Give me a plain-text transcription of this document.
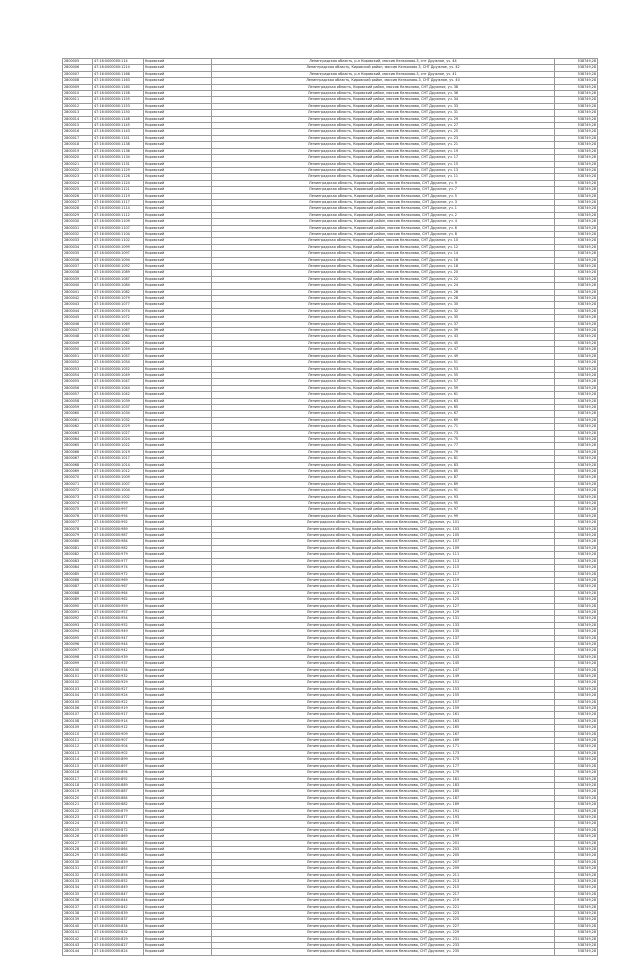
2800005	47:16:0000000:114	Кировский	Ленинградская область, р-н Кировский, массив Келколово-3, снт Дружное, уч. 44	538749,28
2800006	47:16:0000000:1214	Кировский	Ленинградская область, Кировский район, массив Келколово 3, СНТ Дружное, уч. 42	538749,28
2800007	47:16:0000000:1166	Кировский	Ленинградская область, р-н Кировский, массив Келколово-3, снт Дружное, уч. 41	538749,28
2800008	47:16:0000000:1163	Кировский	Ленинградская область, Кировский район, массив Келколово-3, СНТ Дружное, уч. 40	538749,28
2800009	47:16:0000000:1160	Кировский	Ленинградская область, Кировский район, массив Келколово, СНТ Дружное, уч. 38	538749,28
2800010	47:16:0000000:1158	Кировский	Ленинградская область, Кировский район, массив Келколово, СНТ Дружное, уч. 36	538749,28
2800011	47:16:0000000:1155	Кировский	Ленинградская область, Кировский район, массив Келколово, СНТ Дружное, уч. 34	538749,28
2800012	47:16:0000000:1153	Кировский	Ленинградская область, Кировский район, массив Келколово, СНТ Дружное, уч. 33	538749,28
2800013	47:16:0000000:1150	Кировский	Ленинградская область, Кировский район, массив Келколово, СНТ Дружное, уч. 31	538749,28
2800014	47:16:0000000:1148	Кировский	Ленинградская область, Кировский район, массив Келколово, СНТ Дружное, уч. 29	538749,28
2800015	47:16:0000000:1145	Кировский	Ленинградская область, Кировский район, массив Келколово, СНТ Дружное, уч. 27	538749,28
2800016	47:16:0000000:1143	Кировский	Ленинградская область, Кировский район, массив Келколово, СНТ Дружное, уч. 25	538749,28
2800017	47:16:0000000:1141	Кировский	Ленинградская область, Кировский район, массив Келколово, СНТ Дружное, уч. 23	538749,28
2800018	47:16:0000000:1138	Кировский	Ленинградская область, Кировский район, массив Келколово, СНТ Дружное, уч. 21	538749,28
2800019	47:16:0000000:1136	Кировский	Ленинградская область, Кировский район, массив Келколово, СНТ Дружное, уч. 19	538749,28
2800020	47:16:0000000:1134	Кировский	Ленинградская область, Кировский район, массив Келколово, СНТ Дружное, уч. 17	538749,28
2800021	47:16:0000000:1131	Кировский	Ленинградская область, Кировский район, массив Келколово, СНТ Дружное, уч. 15	538749,28
2800022	47:16:0000000:1129	Кировский	Ленинградская область, Кировский район, массив Келколово, СНТ Дружное, уч. 13	538749,28
2800023	47:16:0000000:1126	Кировский	Ленинградская область, Кировский район, массив Келколово, СНТ Дружное, уч. 11	538749,28
2800024	47:16:0000000:1124	Кировский	Ленинградская область, Кировский район, массив Келколово, СНТ Дружное, уч. 9	538749,28
2800025	47:16:0000000:1121	Кировский	Ленинградская область, Кировский район, массив Келколово, СНТ Дружное, уч. 7	538749,28
2800026	47:16:0000000:1119	Кировский	Ленинградская область, Кировский район, массив Келколово, СНТ Дружное, уч. 5	538749,28
2800027	47:16:0000000:1117	Кировский	Ленинградская область, Кировский район, массив Келколово, СНТ Дружное, уч. 3	538749,28
2800028	47:16:0000000:1114	Кировский	Ленинградская область, Кировский район, массив Келколово, СНТ Дружное, уч. 1	538749,28
2800029	47:16:0000000:1112	Кировский	Ленинградская область, Кировский район, массив Келколово, СНТ Дружное, уч. 2	538749,28
2800030	47:16:0000000:1109	Кировский	Ленинградская область, Кировский район, массив Келколово, СНТ Дружное, уч. 4	538749,28
2800031	47:16:0000000:1107	Кировский	Ленинградская область, Кировский район, массив Келколово, СНТ Дружное, уч. 6	538749,28
2800032	47:16:0000000:1104	Кировский	Ленинградская область, Кировский район, массив Келколово, СНТ Дружное, уч. 8	538749,28
2800033	47:16:0000000:1102	Кировский	Ленинградская область, Кировский район, массив Келколово, СНТ Дружное, уч. 10	538749,28
2800034	47:16:0000000:1099	Кировский	Ленинградская область, Кировский район, массив Келколово, СНТ Дружное, уч. 12	538749,28
2800035	47:16:0000000:1097	Кировский	Ленинградская область, Кировский район, массив Келколово, СНТ Дружное, уч. 14	538749,28
2800036	47:16:0000000:1094	Кировский	Ленинградская область, Кировский район, массив Келколово, СНТ Дружное, уч. 16	538749,28
2800037	47:16:0000000:1092	Кировский	Ленинградская область, Кировский район, массив Келколово, СНТ Дружное, уч. 18	538749,28
2800038	47:16:0000000:1089	Кировский	Ленинградская область, Кировский район, массив Келколово, СНТ Дружное, уч. 20	538749,28
2800039	47:16:0000000:1087	Кировский	Ленинградская область, Кировский район, массив Келколово, СНТ Дружное, уч. 22	538749,28
2800040	47:16:0000000:1084	Кировский	Ленинградская область, Кировский район, массив Келколово, СНТ Дружное, уч. 24	538749,28
2800041	47:16:0000000:1082	Кировский	Ленинградская область, Кировский район, массив Келколово, СНТ Дружное, уч. 26	538749,28
2800042	47:16:0000000:1079	Кировский	Ленинградская область, Кировский район, массив Келколово, СНТ Дружное, уч. 28	538749,28
2800043	47:16:0000000:1077	Кировский	Ленинградская область, Кировский район, массив Келколово, СНТ Дружное, уч. 30	538749,28
2800044	47:16:0000000:1074	Кировский	Ленинградская область, Кировский район, массив Келколово, СНТ Дружное, уч. 32	538749,28
2800045	47:16:0000000:1072	Кировский	Ленинградская область, Кировский район, массив Келколово, СНТ Дружное, уч. 35	538749,28
2800046	47:16:0000000:1069	Кировский	Ленинградская область, Кировский район, массив Келколово, СНТ Дружное, уч. 37	538749,28
2800047	47:16:0000000:1067	Кировский	Ленинградская область, Кировский район, массив Келколово, СНТ Дружное, уч. 39	538749,28
2800048	47:16:0000000:1064	Кировский	Ленинградская область, Кировский район, массив Келколово, СНТ Дружное, уч. 43	538749,28
2800049	47:16:0000000:1062	Кировский	Ленинградская область, Кировский район, массив Келколово, СНТ Дружное, уч. 45	538749,28
2800050	47:16:0000000:1059	Кировский	Ленинградская область, Кировский район, массив Келколово, СНТ Дружное, уч. 47	538749,28
2800051	47:16:0000000:1057	Кировский	Ленинградская область, Кировский район, массив Келколово, СНТ Дружное, уч. 49	538749,28
2800052	47:16:0000000:1054	Кировский	Ленинградская область, Кировский район, массив Келколово, СНТ Дружное, уч. 51	538749,28
2800053	47:16:0000000:1052	Кировский	Ленинградская область, Кировский район, массив Келколово, СНТ Дружное, уч. 53	538749,28
2800054	47:16:0000000:1049	Кировский	Ленинградская область, Кировский район, массив Келколово, СНТ Дружное, уч. 55	538749,28
2800055	47:16:0000000:1047	Кировский	Ленинградская область, Кировский район, массив Келколово, СНТ Дружное, уч. 57	538749,28
2800056	47:16:0000000:1044	Кировский	Ленинградская область, Кировский район, массив Келколово, СНТ Дружное, уч. 59	538749,28
2800057	47:16:0000000:1042	Кировский	Ленинградская область, Кировский район, массив Келколово, СНТ Дружное, уч. 61	538749,28
2800058	47:16:0000000:1039	Кировский	Ленинградская область, Кировский район, массив Келколово, СНТ Дружное, уч. 63	538749,28
2800059	47:16:0000000:1037	Кировский	Ленинградская область, Кировский район, массив Келколово, СНТ Дружное, уч. 65	538749,28
2800060	47:16:0000000:1034	Кировский	Ленинградская область, Кировский район, массив Келколово, СНТ Дружное, уч. 67	538749,28
2800061	47:16:0000000:1032	Кировский	Ленинградская область, Кировский район, массив Келколово, СНТ Дружное, уч. 69	538749,28
2800062	47:16:0000000:1029	Кировский	Ленинградская область, Кировский район, массив Келколово, СНТ Дружное, уч. 71	538749,28
2800063	47:16:0000000:1027	Кировский	Ленинградская область, Кировский район, массив Келколово, СНТ Дружное, уч. 73	538749,28
2800064	47:16:0000000:1024	Кировский	Ленинградская область, Кировский район, массив Келколово, СНТ Дружное, уч. 75	538749,28
2800065	47:16:0000000:1022	Кировский	Ленинградская область, Кировский район, массив Келколово, СНТ Дружное, уч. 77	538749,28
2800066	47:16:0000000:1019	Кировский	Ленинградская область, Кировский район, массив Келколово, СНТ Дружное, уч. 79	538749,28
2800067	47:16:0000000:1017	Кировский	Ленинградская область, Кировский район, массив Келколово, СНТ Дружное, уч. 81	538749,28
2800068	47:16:0000000:1014	Кировский	Ленинградская область, Кировский район, массив Келколово, СНТ Дружное, уч. 83	538749,28
2800069	47:16:0000000:1012	Кировский	Ленинградская область, Кировский район, массив Келколово, СНТ Дружное, уч. 85	538749,28
2800070	47:16:0000000:1009	Кировский	Ленинградская область, Кировский район, массив Келколово, СНТ Дружное, уч. 87	538749,28
2800071	47:16:0000000:1007	Кировский	Ленинградская область, Кировский район, массив Келколово, СНТ Дружное, уч. 89	538749,28
2800072	47:16:0000000:1004	Кировский	Ленинградская область, Кировский район, массив Келколово, СНТ Дружное, уч. 91	538749,28
2800073	47:16:0000000:1002	Кировский	Ленинградская область, Кировский район, массив Келколово, СНТ Дружное, уч. 93	538749,28
2800074	47:16:0000000:999	Кировский	Ленинградская область, Кировский район, массив Келколово, СНТ Дружное, уч. 95	538749,28
2800075	47:16:0000000:997	Кировский	Ленинградская область, Кировский район, массив Келколово, СНТ Дружное, уч. 97	538749,28
2800076	47:16:0000000:994	Кировский	Ленинградская область, Кировский район, массив Келколово, СНТ Дружное, уч. 99	538749,28
2800077	47:16:0000000:992	Кировский	Ленинградская область, Кировский район, массив Келколово, СНТ Дружное, уч. 101	538749,28
2800078	47:16:0000000:989	Кировский	Ленинградская область, Кировский район, массив Келколово, СНТ Дружное, уч. 103	538749,28
2800079	47:16:0000000:987	Кировский	Ленинградская область, Кировский район, массив Келколово, СНТ Дружное, уч. 105	538749,28
2800080	47:16:0000000:984	Кировский	Ленинградская область, Кировский район, массив Келколово, СНТ Дружное, уч. 107	538749,28
2800081	47:16:0000000:982	Кировский	Ленинградская область, Кировский район, массив Келколово, СНТ Дружное, уч. 109	538749,28
2800082	47:16:0000000:979	Кировский	Ленинградская область, Кировский район, массив Келколово, СНТ Дружное, уч. 111	538749,28
2800083	47:16:0000000:977	Кировский	Ленинградская область, Кировский район, массив Келколово, СНТ Дружное, уч. 113	538749,28
2800084	47:16:0000000:974	Кировский	Ленинградская область, Кировский район, массив Келколово, СНТ Дружное, уч. 115	538749,28
2800085	47:16:0000000:972	Кировский	Ленинградская область, Кировский район, массив Келколово, СНТ Дружное, уч. 117	538749,28
2800086	47:16:0000000:969	Кировский	Ленинградская область, Кировский район, массив Келколово, СНТ Дружное, уч. 119	538749,28
2800087	47:16:0000000:967	Кировский	Ленинградская область, Кировский район, массив Келколово, СНТ Дружное, уч. 121	538749,28
2800088	47:16:0000000:964	Кировский	Ленинградская область, Кировский район, массив Келколово, СНТ Дружное, уч. 123	538749,28
2800089	47:16:0000000:962	Кировский	Ленинградская область, Кировский район, массив Келколово, СНТ Дружное, уч. 125	538749,28
2800090	47:16:0000000:959	Кировский	Ленинградская область, Кировский район, массив Келколово, СНТ Дружное, уч. 127	538749,28
2800091	47:16:0000000:957	Кировский	Ленинградская область, Кировский район, массив Келколово, СНТ Дружное, уч. 129	538749,28
2800092	47:16:0000000:954	Кировский	Ленинградская область, Кировский район, массив Келколово, СНТ Дружное, уч. 131	538749,28
2800093	47:16:0000000:952	Кировский	Ленинградская область, Кировский район, массив Келколово, СНТ Дружное, уч. 133	538749,28
2800094	47:16:0000000:949	Кировский	Ленинградская область, Кировский район, массив Келколово, СНТ Дружное, уч. 135	538749,28
2800095	47:16:0000000:947	Кировский	Ленинградская область, Кировский район, массив Келколово, СНТ Дружное, уч. 137	538749,28
2800096	47:16:0000000:944	Кировский	Ленинградская область, Кировский район, массив Келколово, СНТ Дружное, уч. 139	538749,28
2800097	47:16:0000000:942	Кировский	Ленинградская область, Кировский район, массив Келколово, СНТ Дружное, уч. 141	538749,28
2800098	47:16:0000000:939	Кировский	Ленинградская область, Кировский район, массив Келколово, СНТ Дружное, уч. 143	538749,28
2800099	47:16:0000000:937	Кировский	Ленинградская область, Кировский район, массив Келколово, СНТ Дружное, уч. 145	538749,28
2800100	47:16:0000000:934	Кировский	Ленинградская область, Кировский район, массив Келколово, СНТ Дружное, уч. 147	538749,28
2800101	47:16:0000000:932	Кировский	Ленинградская область, Кировский район, массив Келколово, СНТ Дружное, уч. 149	538749,28
2800102	47:16:0000000:929	Кировский	Ленинградская область, Кировский район, массив Келколово, СНТ Дружное, уч. 151	538749,28
2800103	47:16:0000000:927	Кировский	Ленинградская область, Кировский район, массив Келколово, СНТ Дружное, уч. 153	538749,28
2800104	47:16:0000000:924	Кировский	Ленинградская область, Кировский район, массив Келколово, СНТ Дружное, уч. 155	538749,28
2800105	47:16:0000000:922	Кировский	Ленинградская область, Кировский район, массив Келколово, СНТ Дружное, уч. 157	538749,28
2800106	47:16:0000000:919	Кировский	Ленинградская область, Кировский район, массив Келколово, СНТ Дружное, уч. 159	538749,28
2800107	47:16:0000000:917	Кировский	Ленинградская область, Кировский район, массив Келколово, СНТ Дружное, уч. 161	538749,28
2800108	47:16:0000000:914	Кировский	Ленинградская область, Кировский район, массив Келколово, СНТ Дружное, уч. 163	538749,28
2800109	47:16:0000000:912	Кировский	Ленинградская область, Кировский район, массив Келколово, СНТ Дружное, уч. 165	538749,28
2800110	47:16:0000000:909	Кировский	Ленинградская область, Кировский район, массив Келколово, СНТ Дружное, уч. 167	538749,28
2800111	47:16:0000000:907	Кировский	Ленинградская область, Кировский район, массив Келколово, СНТ Дружное, уч. 169	538749,28
2800112	47:16:0000000:904	Кировский	Ленинградская область, Кировский район, массив Келколово, СНТ Дружное, уч. 171	538749,28
2800113	47:16:0000000:902	Кировский	Ленинградская область, Кировский район, массив Келколово, СНТ Дружное, уч. 173	538749,28
2800114	47:16:0000000:899	Кировский	Ленинградская область, Кировский район, массив Келколово, СНТ Дружное, уч. 175	538749,28
2800115	47:16:0000000:897	Кировский	Ленинградская область, Кировский район, массив Келколово, СНТ Дружное, уч. 177	538749,28
2800116	47:16:0000000:894	Кировский	Ленинградская область, Кировский район, массив Келколово, СНТ Дружное, уч. 179	538749,28
2800117	47:16:0000000:892	Кировский	Ленинградская область, Кировский район, массив Келколово, СНТ Дружное, уч. 181	538749,28
2800118	47:16:0000000:889	Кировский	Ленинградская область, Кировский район, массив Келколово, СНТ Дружное, уч. 183	538749,28
2800119	47:16:0000000:887	Кировский	Ленинградская область, Кировский район, массив Келколово, СНТ Дружное, уч. 185	538749,28
2800120	47:16:0000000:884	Кировский	Ленинградская область, Кировский район, массив Келколово, СНТ Дружное, уч. 187	538749,28
2800121	47:16:0000000:882	Кировский	Ленинградская область, Кировский район, массив Келколово, СНТ Дружное, уч. 189	538749,28
2800122	47:16:0000000:879	Кировский	Ленинградская область, Кировский район, массив Келколово, СНТ Дружное, уч. 191	538749,28
2800123	47:16:0000000:877	Кировский	Ленинградская область, Кировский район, массив Келколово, СНТ Дружное, уч. 193	538749,28
2800124	47:16:0000000:874	Кировский	Ленинградская область, Кировский район, массив Келколово, СНТ Дружное, уч. 195	538749,28
2800125	47:16:0000000:872	Кировский	Ленинградская область, Кировский район, массив Келколово, СНТ Дружное, уч. 197	538749,28
2800126	47:16:0000000:869	Кировский	Ленинградская область, Кировский район, массив Келколово, СНТ Дружное, уч. 199	538749,28
2800127	47:16:0000000:867	Кировский	Ленинградская область, Кировский район, массив Келколово, СНТ Дружное, уч. 201	538749,28
2800128	47:16:0000000:864	Кировский	Ленинградская область, Кировский район, массив Келколово, СНТ Дружное, уч. 203	538749,28
2800129	47:16:0000000:862	Кировский	Ленинградская область, Кировский район, массив Келколово, СНТ Дружное, уч. 205	538749,28
2800130	47:16:0000000:859	Кировский	Ленинградская область, Кировский район, массив Келколово, СНТ Дружное, уч. 207	538749,28
2800131	47:16:0000000:857	Кировский	Ленинградская область, Кировский район, массив Келколово, СНТ Дружное, уч. 209	538749,28
2800132	47:16:0000000:854	Кировский	Ленинградская область, Кировский район, массив Келколово, СНТ Дружное, уч. 211	538749,28
2800133	47:16:0000000:852	Кировский	Ленинградская область, Кировский район, массив Келколово, СНТ Дружное, уч. 213	538749,28
2800134	47:16:0000000:849	Кировский	Ленинградская область, Кировский район, массив Келколово, СНТ Дружное, уч. 215	538749,28
2800135	47:16:0000000:847	Кировский	Ленинградская область, Кировский район, массив Келколово, СНТ Дружное, уч. 217	538749,28
2800136	47:16:0000000:844	Кировский	Ленинградская область, Кировский район, массив Келколово, СНТ Дружное, уч. 219	538749,28
2800137	47:16:0000000:842	Кировский	Ленинградская область, Кировский район, массив Келколово, СНТ Дружное, уч. 221	538749,28
2800138	47:16:0000000:839	Кировский	Ленинградская область, Кировский район, массив Келколово, СНТ Дружное, уч. 223	538749,28
2800139	47:16:0000000:837	Кировский	Ленинградская область, Кировский район, массив Келколово, СНТ Дружное, уч. 225	538749,28
2800140	47:16:0000000:834	Кировский	Ленинградская область, Кировский район, массив Келколово, СНТ Дружное, уч. 227	538749,28
2800141	47:16:0000000:832	Кировский	Ленинградская область, Кировский район, массив Келколово, СНТ Дружное, уч. 229	538749,28
2800142	47:16:0000000:829	Кировский	Ленинградская область, Кировский район, массив Келколово, СНТ Дружное, уч. 231	538749,28
2800143	47:16:0000000:827	Кировский	Ленинградская область, Кировский район, массив Келколово, СНТ Дружное, уч. 233	538749,28
2800144	47:16:0000000:824	Кировский	Ленинградская область, Кировский район, массив Келколово, СНТ Дружное, уч. 235	538749,28
